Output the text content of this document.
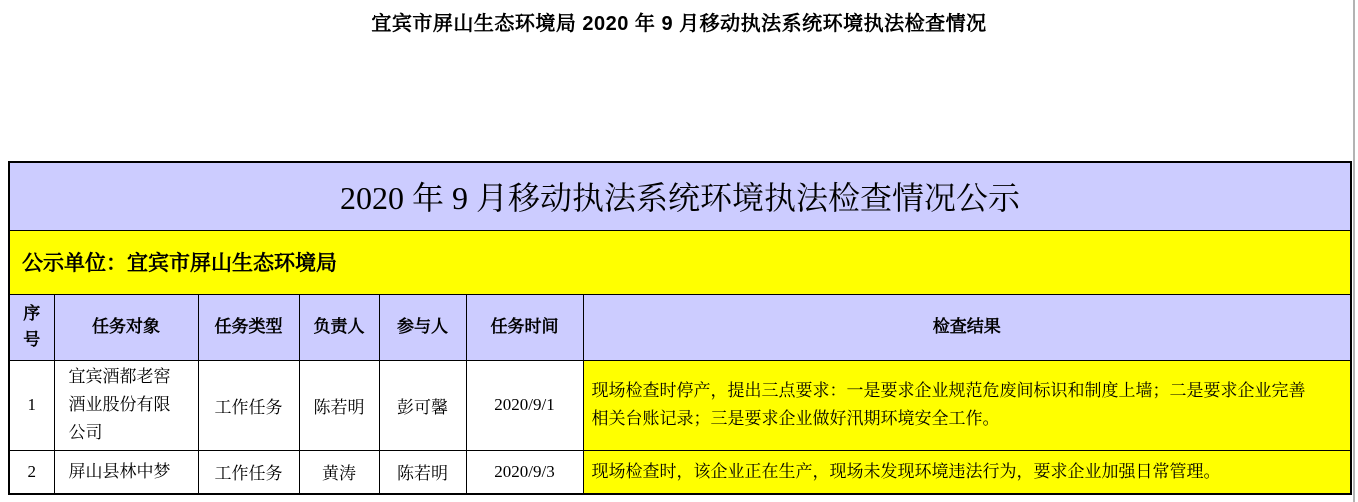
宜宾市屏山生态环境局 2020 年 9 月移动执法系统环境执法检查情况
2020 年 9 月移动执法系统环境执法检查情况公示						
公示单位：宜宾市屏山生态环境局						
序号	任务对象	任务类型	负责人	参与人	任务时间	检查结果
1	宜宾酒都老窖酒业股份有限公司	工作任务	陈若明	彭可馨	2020/9/1	现场检查时停产，提出三点要求：一是要求企业规范危废间标识和制度上墙；二是要求企业完善相关台账记录；三是要求企业做好汛期环境安全工作。
2	屏山县林中梦	工作任务	黄涛	陈若明	2020/9/3	现场检查时，该企业正在生产，现场未发现环境违法行为，要求企业加强日常管理。
